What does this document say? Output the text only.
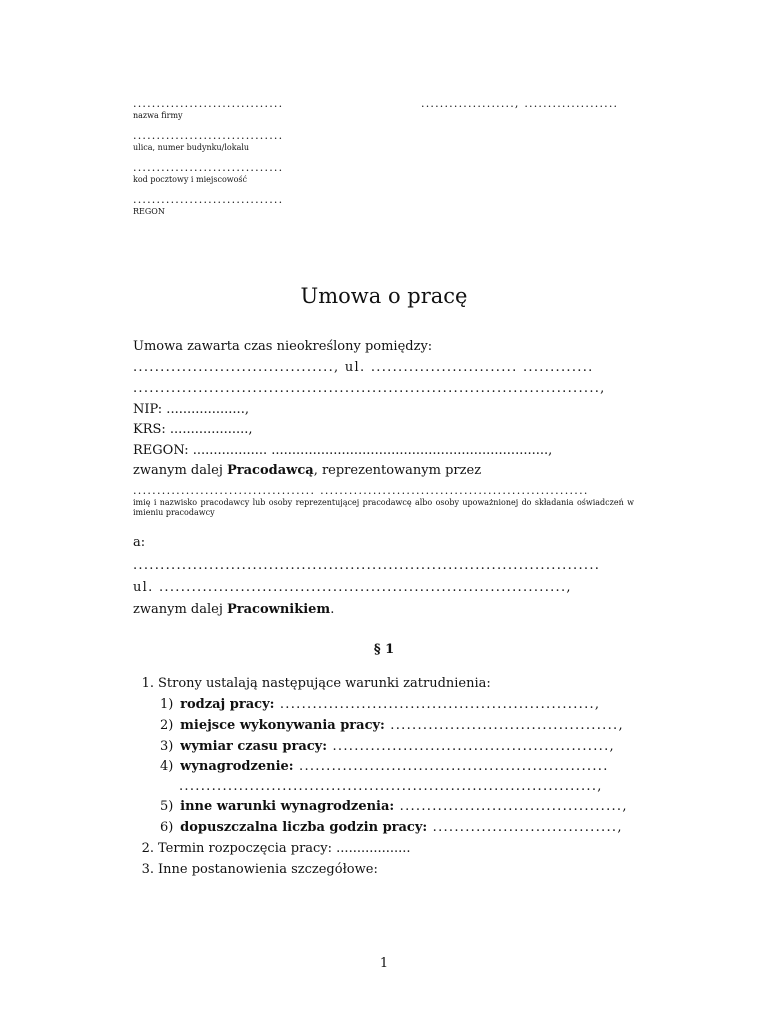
................................
nazwa firmy
................................
ulica, numer budynku/lokalu
................................
kod pocztowy i miejscowość
................................
REGON
...................., ....................
Umowa o pracę
Umowa zawarta czas nieokreślony pomiędzy:
....................................., ul. ........................... .............
......................................................................................,
NIP: ...................,
KRS: ...................,
REGON: .................. ...................................................................,
zwanym dalej Pracodawcą, reprezentowanym przez
...................................... ........................................................
imię i nazwisko pracodawcy lub osoby reprezentującej pracodawcę albo osoby upoważnionej do składania oświadczeń w imieniu pracodawcy
a:
......................................................................................
ul. ...........................................................................,
zwanym dalej Pracownikiem.
§ 1
1. Strony ustalają następujące warunki zatrudnienia:
1) rodzaj pracy: ..........................................................,
2) miejsce wykonywania pracy: ..........................................,
3) wymiar czasu pracy: ...................................................,
4) wynagrodzenie: .........................................................
.............................................................................,
5) inne warunki wynagrodzenia: .........................................,
6) dopuszczalna liczba godzin pracy: ..................................,
2. Termin rozpoczęcia pracy: ..................
3. Inne postanowienia szczegółowe:
1
